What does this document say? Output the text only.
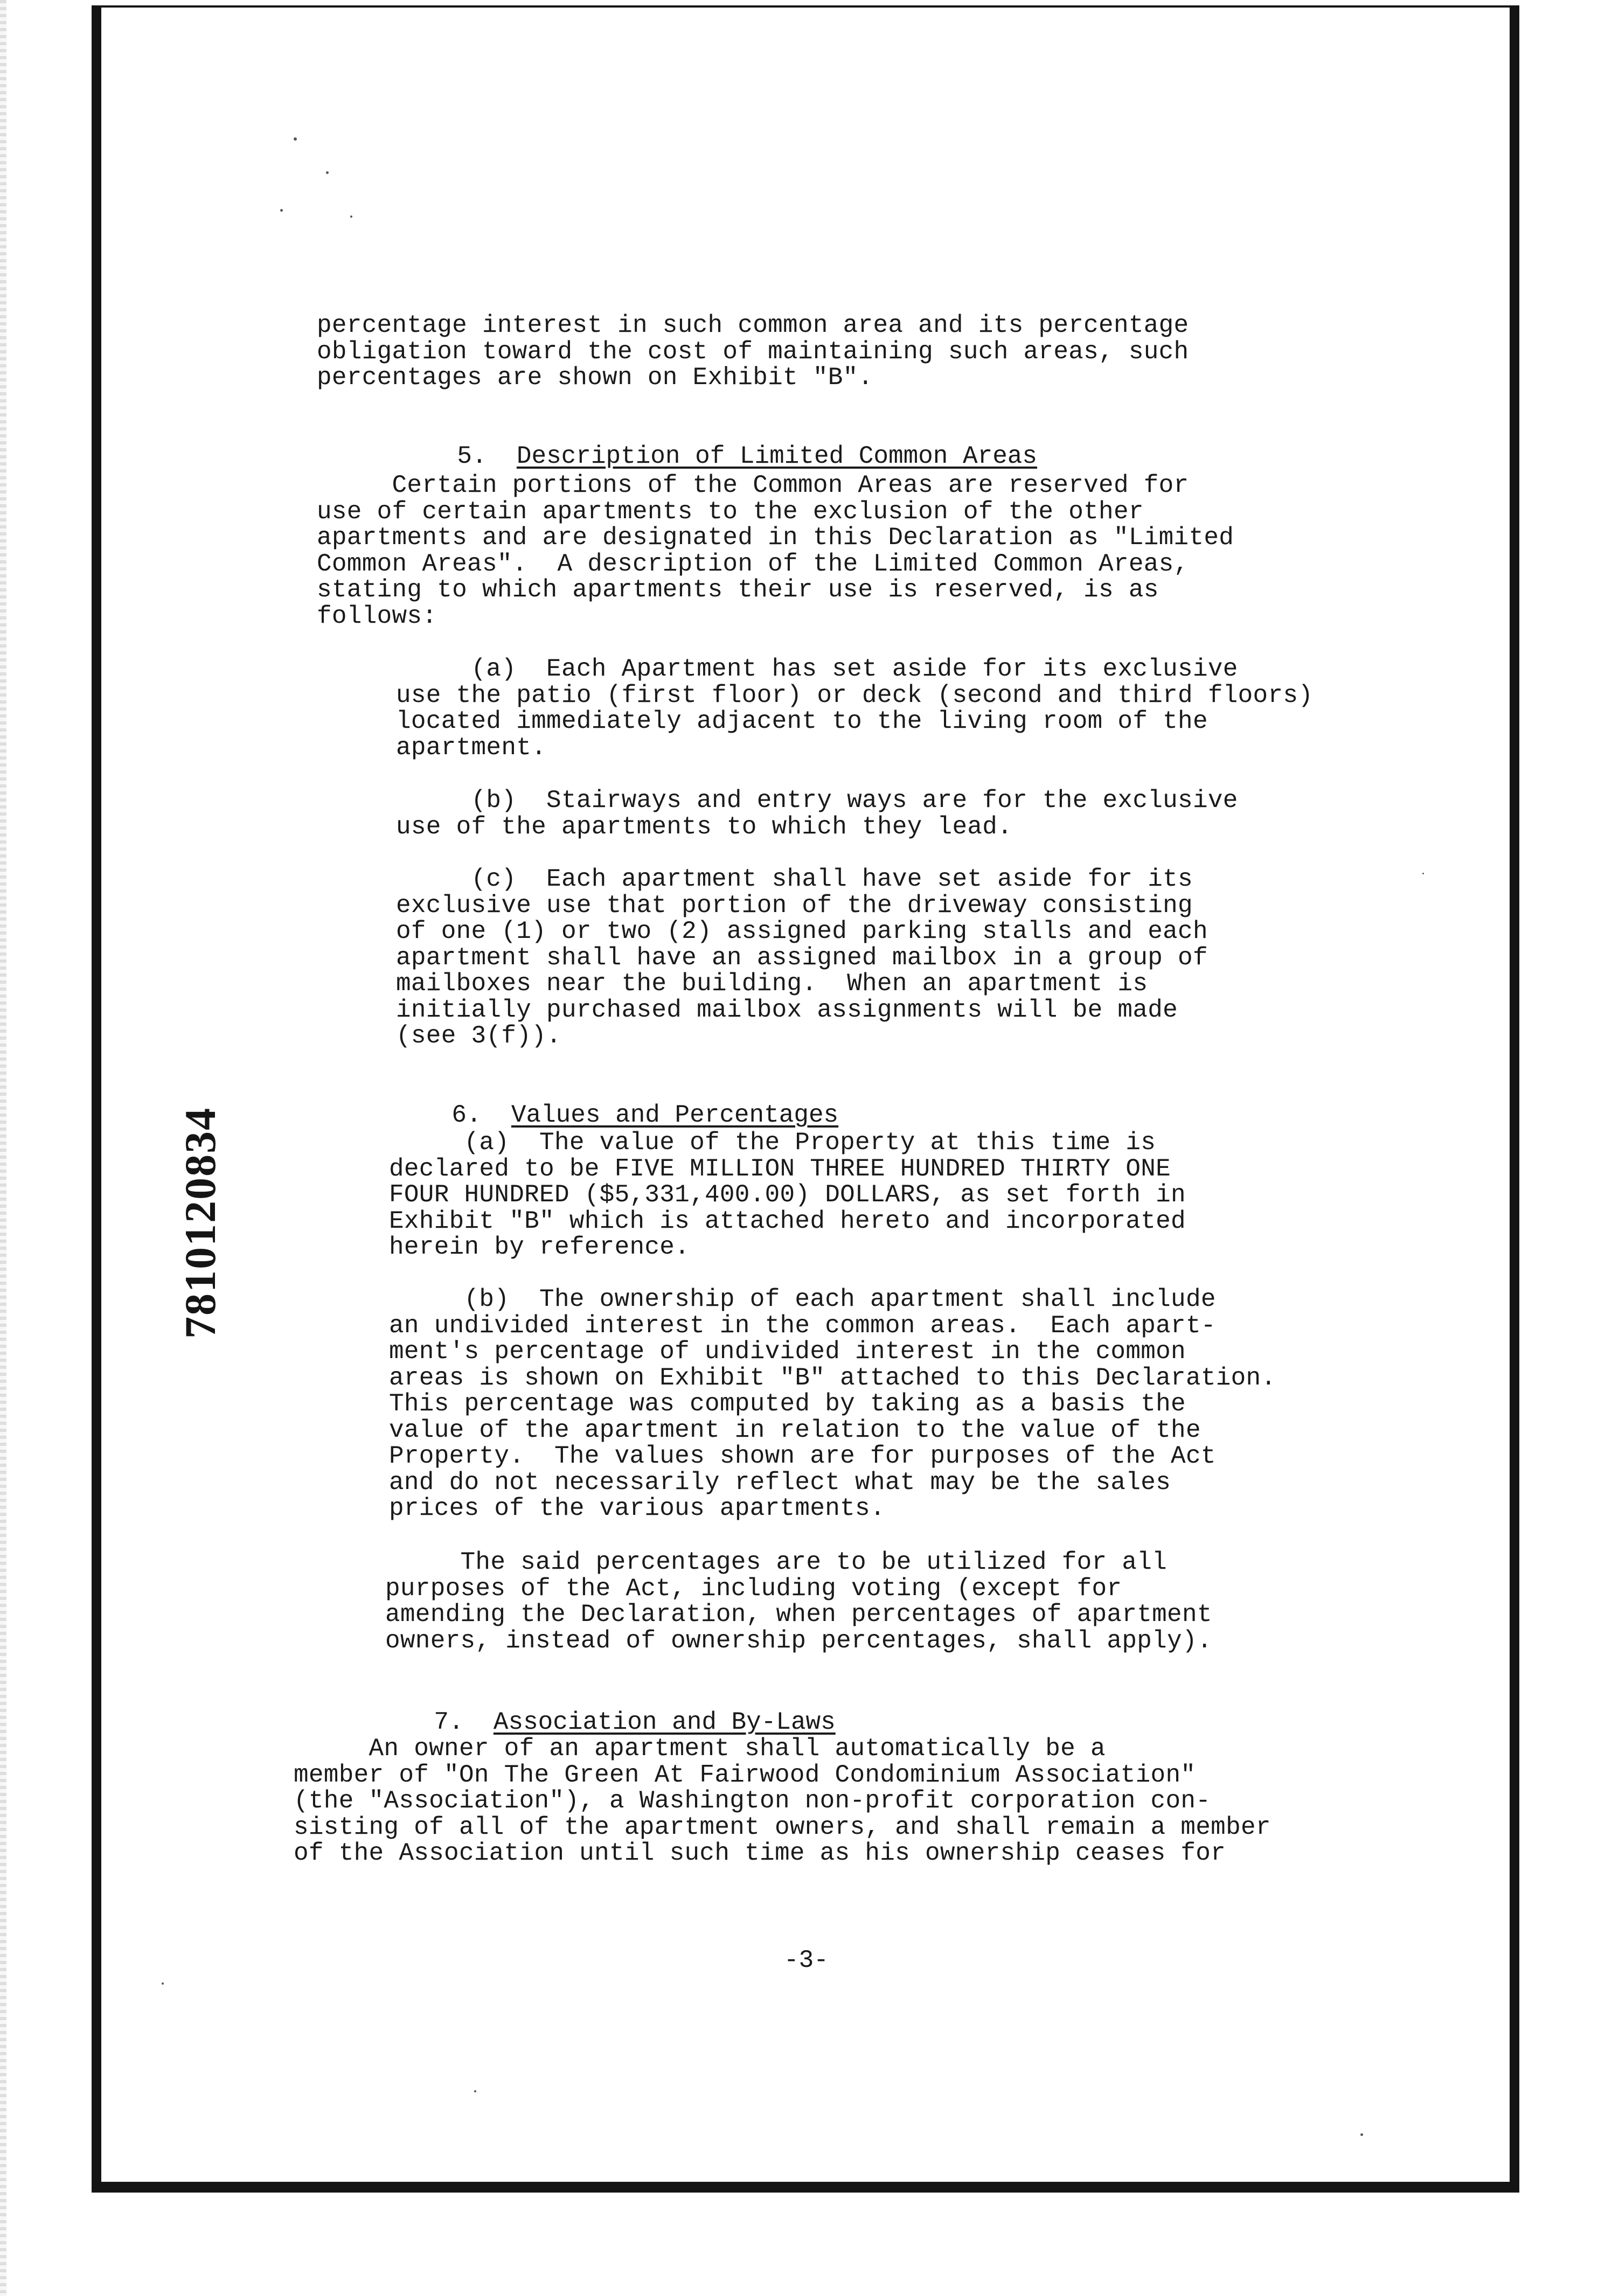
percentage interest in such common area and its percentage
obligation toward the cost of maintaining such areas, such
percentages are shown on Exhibit "B".

5. Description of Limited Common Areas

Certain portions of the Common Areas are reserved for
use of certain apartments to the exclusion of the other
apartments and are designated in this Declaration as "Limited
Common Areas".  A description of the Limited Common Areas,
stating to which apartments their use is reserved, is as
follows:

(a)  Each Apartment has set aside for its exclusive
use the patio (first floor) or deck (second and third floors)
located immediately adjacent to the living room of the
apartment.

(b)  Stairways and entry ways are for the exclusive
use of the apartments to which they lead.

(c)  Each apartment shall have set aside for its
exclusive use that portion of the driveway consisting
of one (1) or two (2) assigned parking stalls and each
apartment shall have an assigned mailbox in a group of
mailboxes near the building.  When an apartment is
initially purchased mailbox assignments will be made
(see 3(f)).

6. Values and Percentages

(a)  The value of the Property at this time is
declared to be FIVE MILLION THREE HUNDRED THIRTY ONE
FOUR HUNDRED ($5,331,400.00) DOLLARS, as set forth in
Exhibit "B" which is attached hereto and incorporated
herein by reference.

(b)  The ownership of each apartment shall include
an undivided interest in the common areas.  Each apart-
ment's percentage of undivided interest in the common
areas is shown on Exhibit "B" attached to this Declaration.
This percentage was computed by taking as a basis the
value of the apartment in relation to the value of the
Property.  The values shown are for purposes of the Act
and do not necessarily reflect what may be the sales
prices of the various apartments.

The said percentages are to be utilized for all
purposes of the Act, including voting (except for
amending the Declaration, when percentages of apartment
owners, instead of ownership percentages, shall apply).

7. Association and By-Laws

An owner of an apartment shall automatically be a
member of "On The Green At Fairwood Condominium Association"
(the "Association"), a Washington non-profit corporation con-
sisting of all of the apartment owners, and shall remain a member
of the Association until such time as his ownership ceases for

-3-
7810120834
